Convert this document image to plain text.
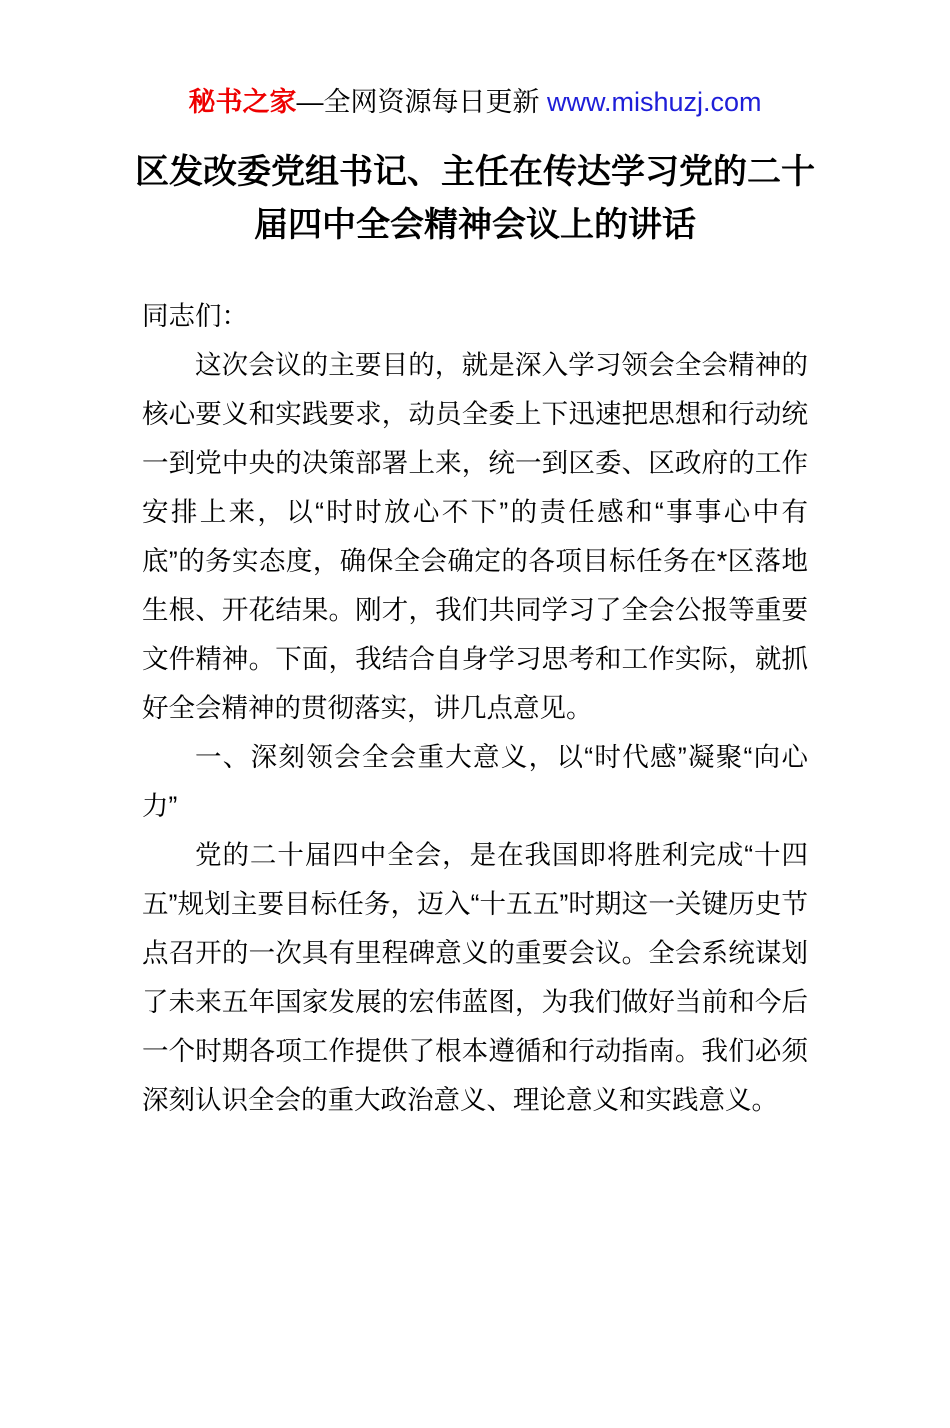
秘书之家—全网资源每日更新 www.mishuzj.com
区发改委党组书记、主任在传达学习党的二十届四中全会精神会议上的讲话

同志们：

这次会议的主要目的，就是深入学习领会全会精神的核心要义和实践要求，动员全委上下迅速把思想和行动统一到党中央的决策部署上来，统一到区委、区政府的工作安排上来，以“时时放心不下”的责任感和“事事心中有底”的务实态度，确保全会确定的各项目标任务在*区落地生根、开花结果。刚才，我们共同学习了全会公报等重要文件精神。下面，我结合自身学习思考和工作实际，就抓好全会精神的贯彻落实，讲几点意见。

一、深刻领会全会重大意义，以“时代感”凝聚“向心力”

党的二十届四中全会，是在我国即将胜利完成“十四五”规划主要目标任务，迈入“十五五”时期这一关键历史节点召开的一次具有里程碑意义的重要会议。全会系统谋划了未来五年国家发展的宏伟蓝图，为我们做好当前和今后一个时期各项工作提供了根本遵循和行动指南。我们必须深刻认识全会的重大政治意义、理论意义和实践意义。
